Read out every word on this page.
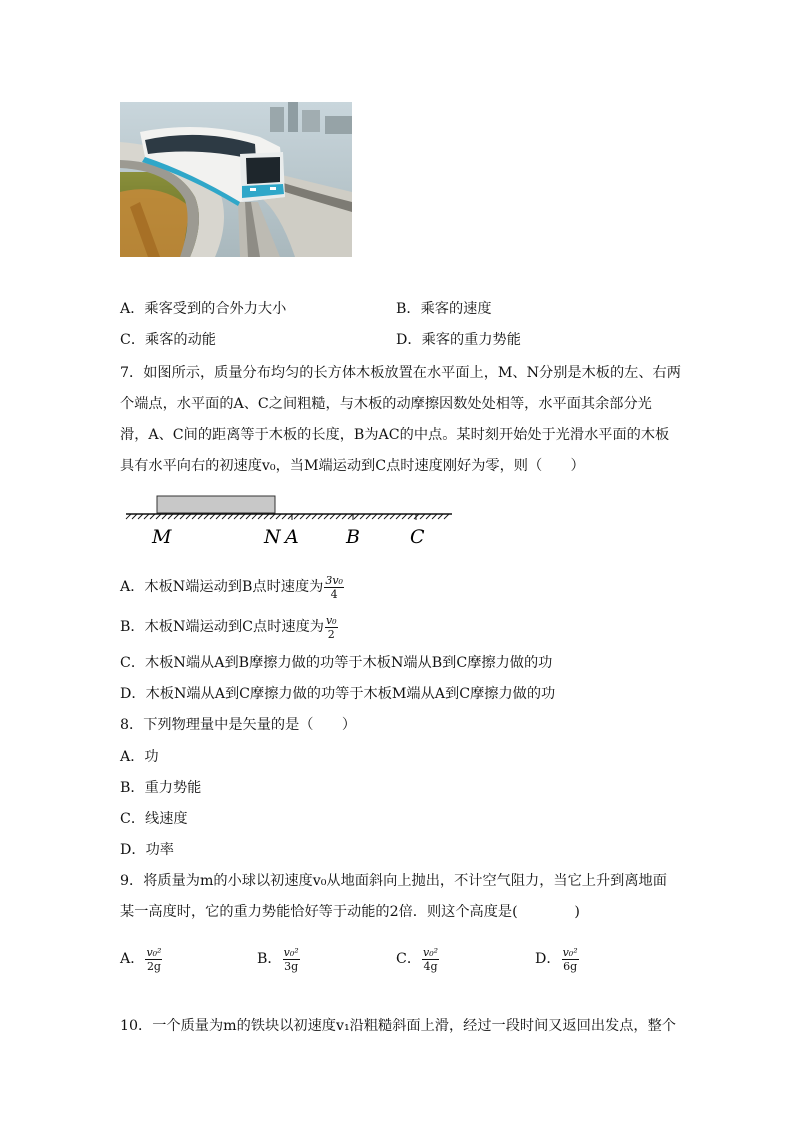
A．乘客受到的合外力大小	B．乘客的速度
C．乘客的动能	D．乘客的重力势能
7．如图所示，质量分布均匀的长方体木板放置在水平面上，M、N分别是木板的左、右两
个端点，水平面的A、C之间粗糙，与木板的动摩擦因数处处相等，水平面其余部分光
滑，A、C间的距离等于木板的长度，B为AC的中点。某时刻开始处于光滑水平面的木板
具有水平向右的初速度v₀，当M端运动到C点时速度刚好为零，则（　　）
M	N A B	C
A．木板N端运动到B点时速度为 $\frac{\text{3v₀}}{4}$
B．木板N端运动到C点时速度为 $\frac{\text{v₀}}{2}$
C．木板N端从A到B摩擦力做的功等于木板N端从B到C摩擦力做的功
D．木板N端从A到C摩擦力做的功等于木板M端从A到C摩擦力做的功
8．下列物理量中是矢量的是（　　）
A．功
B．重力势能
C．线速度
D．功率
9．将质量为m的小球以初速度v₀从地面斜向上抛出，不计空气阻力，当它上升到离地面
某一高度时，它的重力势能恰好等于动能的2倍．则这个高度是(　　　　)
A． $\frac{\text{v₀²}}{2g}$	B． $\frac{\text{v₀²}}{3g}$	C． $\frac{\text{v₀²}}{4g}$	D． $\frac{\text{v₀²}}{6g}$
10．一个质量为m的铁块以初速度v₁沿粗糙斜面上滑，经过一段时间又返回出发点，整个
